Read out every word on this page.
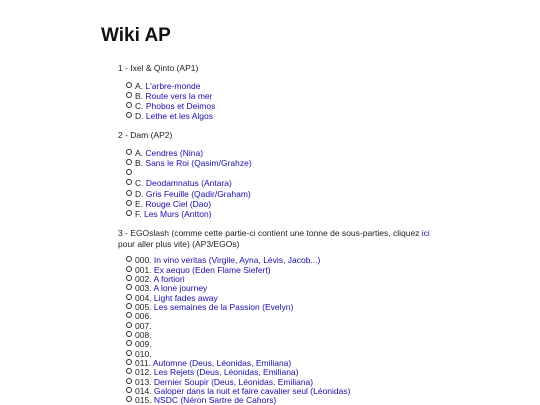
Wiki AP
1 - Ixel & Qinto (AP1)
A. L'arbre-monde
B. Route vers la mer
C. Phobos et Deimos
D. Lethe et les Algos
2 - Dam (AP2)
A. Cendres (Nina)
B. Sans le Roi (Qasim/Grahze)
C. Deodamnatus (Antara)
D. Gris Feuille (Qadir/Graham)
E. Rouge Ciel (Dao)
F. Les Murs (Antton)
3 - EGOslash (comme cette partie-ci contient une tonne de sous-parties, cliquez ici
pour aller plus vite) (AP3/EGOs)
000. In vino veritas (Virgile, Ayna, Lévis, Jacob...)
001. Ex aequo (Eden Flame Siefert)
002. A fortiori
003. A lone journey
004. Light fades away
005. Les semaines de la Passion (Evelyn)
006.
007.
008.
009.
010.
011. Automne (Deus, Léonidas, Emiliana)
012. Les Rejets (Deus, Léonidas, Emiliana)
013. Dernier Soupir (Deus, Léonidas, Emiliana)
014. Galoper dans la nuit et faire cavalier seul (Léonidas)
015. NSDC (Néron Sartre de Cahors)
